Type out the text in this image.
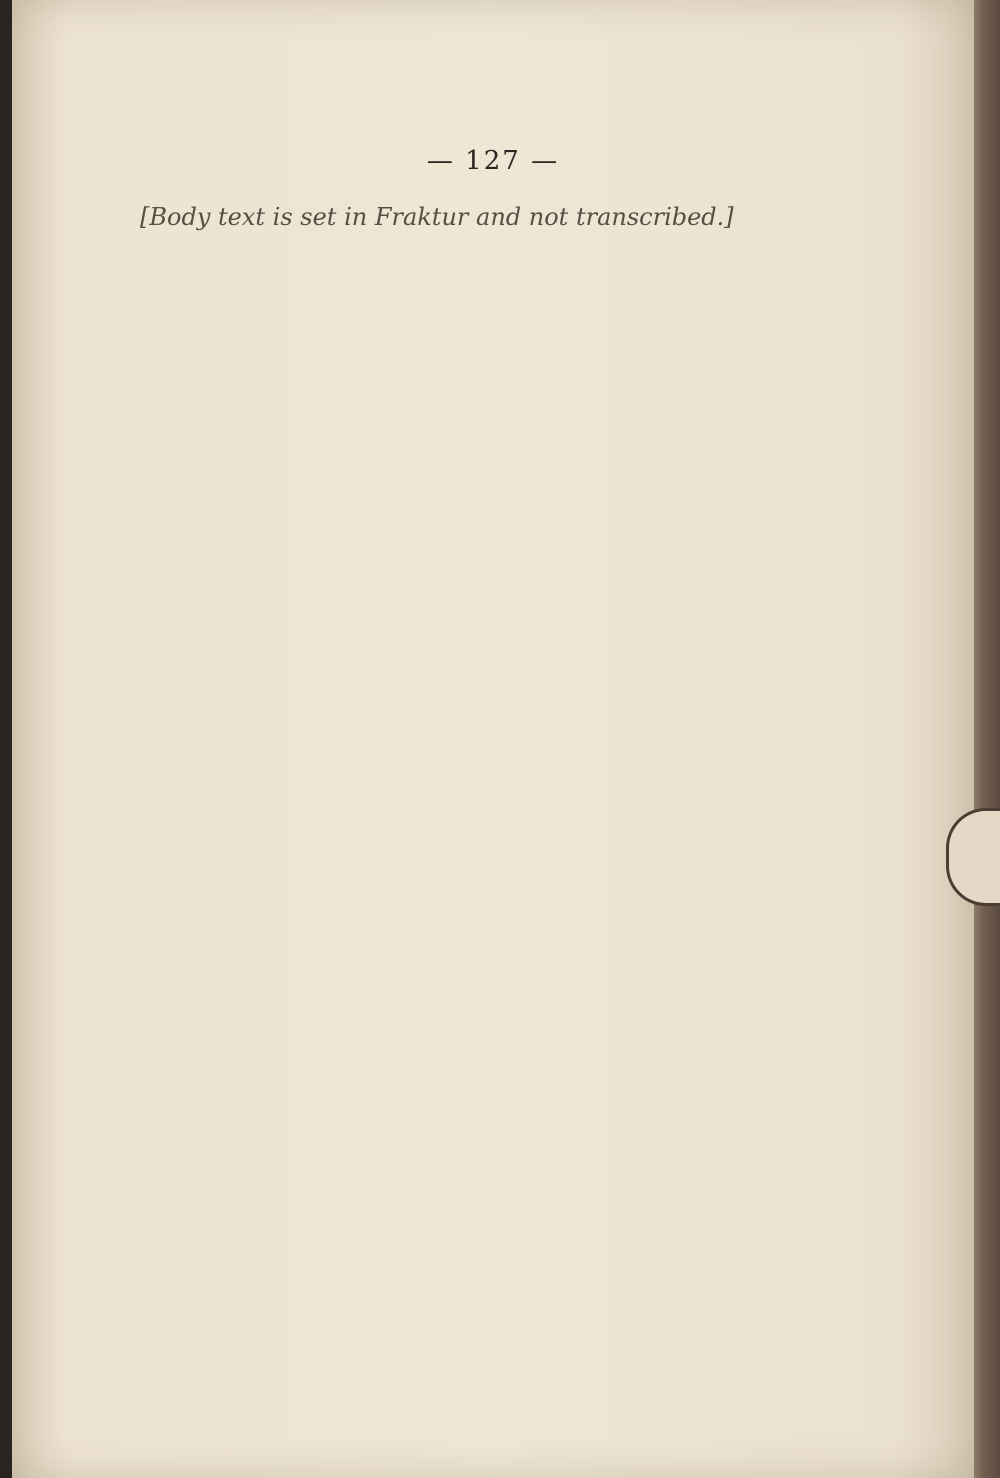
— 127 —
[Body text is set in Fraktur and not transcribed.]
